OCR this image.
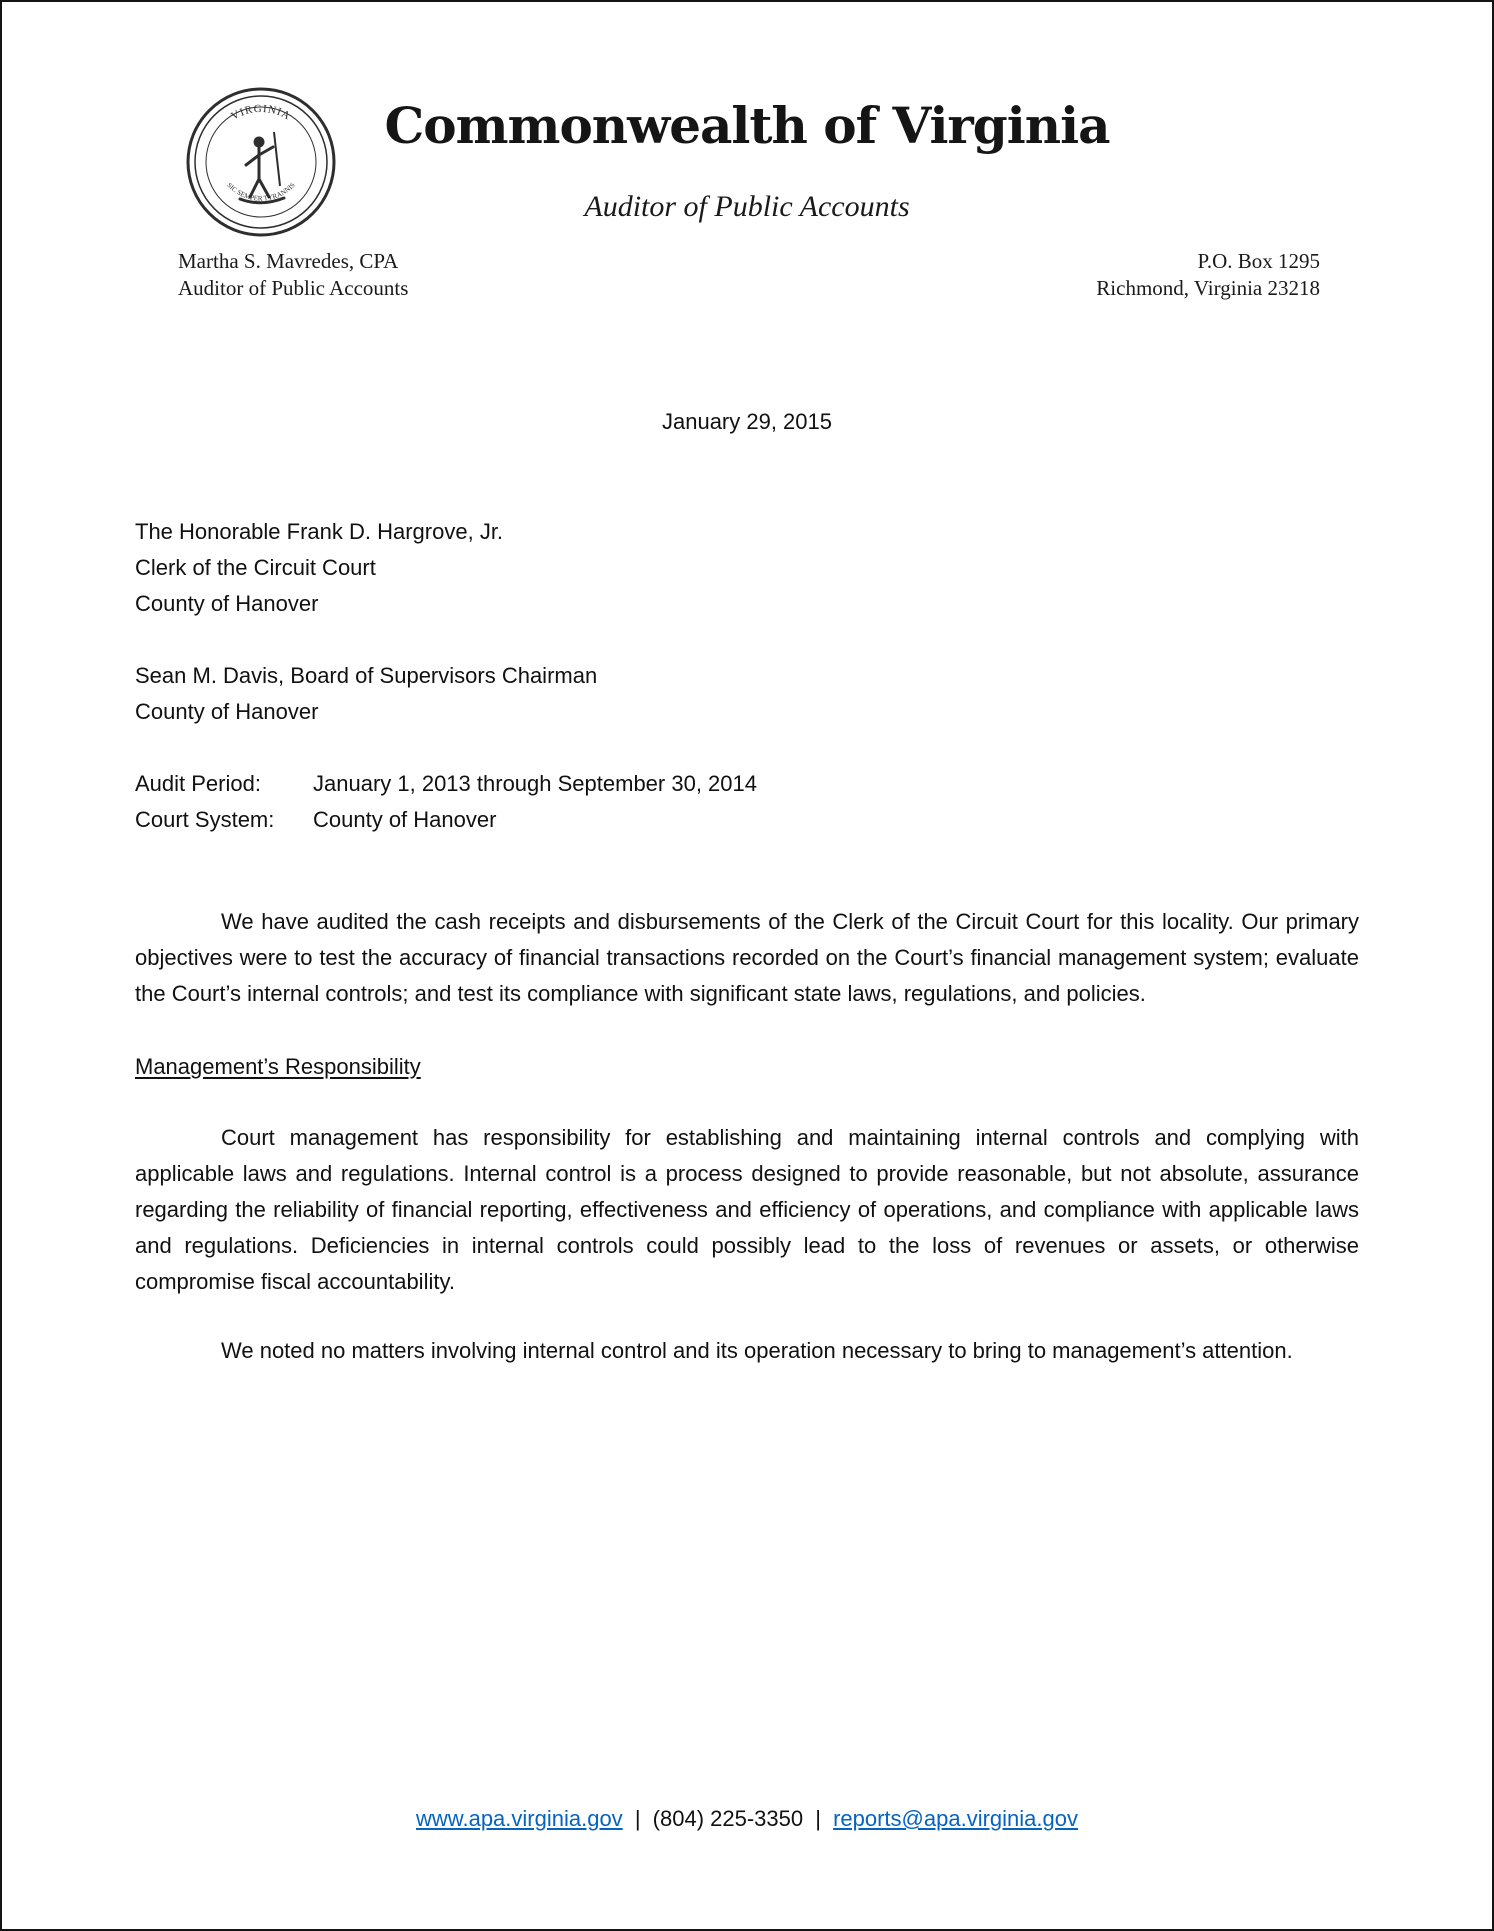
VIRGINIA
SIC SEMPER TYRANNIS
Commonwealth of Virginia
Auditor of Public Accounts
Martha S. Mavredes, CPA
Auditor of Public Accounts
P.O. Box 1295
Richmond, Virginia 23218
January 29, 2015
The Honorable Frank D. Hargrove, Jr.
Clerk of the Circuit Court
County of Hanover
Sean M. Davis, Board of Supervisors Chairman
County of Hanover
Audit Period: January 1, 2013 through September 30, 2014
Court System: County of Hanover

We have audited the cash receipts and disbursements of the Clerk of the Circuit Court for this locality. Our primary objectives were to test the accuracy of financial transactions recorded on the Court’s financial management system; evaluate the Court’s internal controls; and test its compliance with significant state laws, regulations, and policies.

Management’s Responsibility

Court management has responsibility for establishing and maintaining internal controls and complying with applicable laws and regulations. Internal control is a process designed to provide reasonable, but not absolute, assurance regarding the reliability of financial reporting, effectiveness and efficiency of operations, and compliance with applicable laws and regulations. Deficiencies in internal controls could possibly lead to the loss of revenues or assets, or otherwise compromise fiscal accountability.

We noted no matters involving internal control and its operation necessary to bring to management’s attention.

www.apa.virginia.gov | (804) 225-3350 | reports@apa.virginia.gov
